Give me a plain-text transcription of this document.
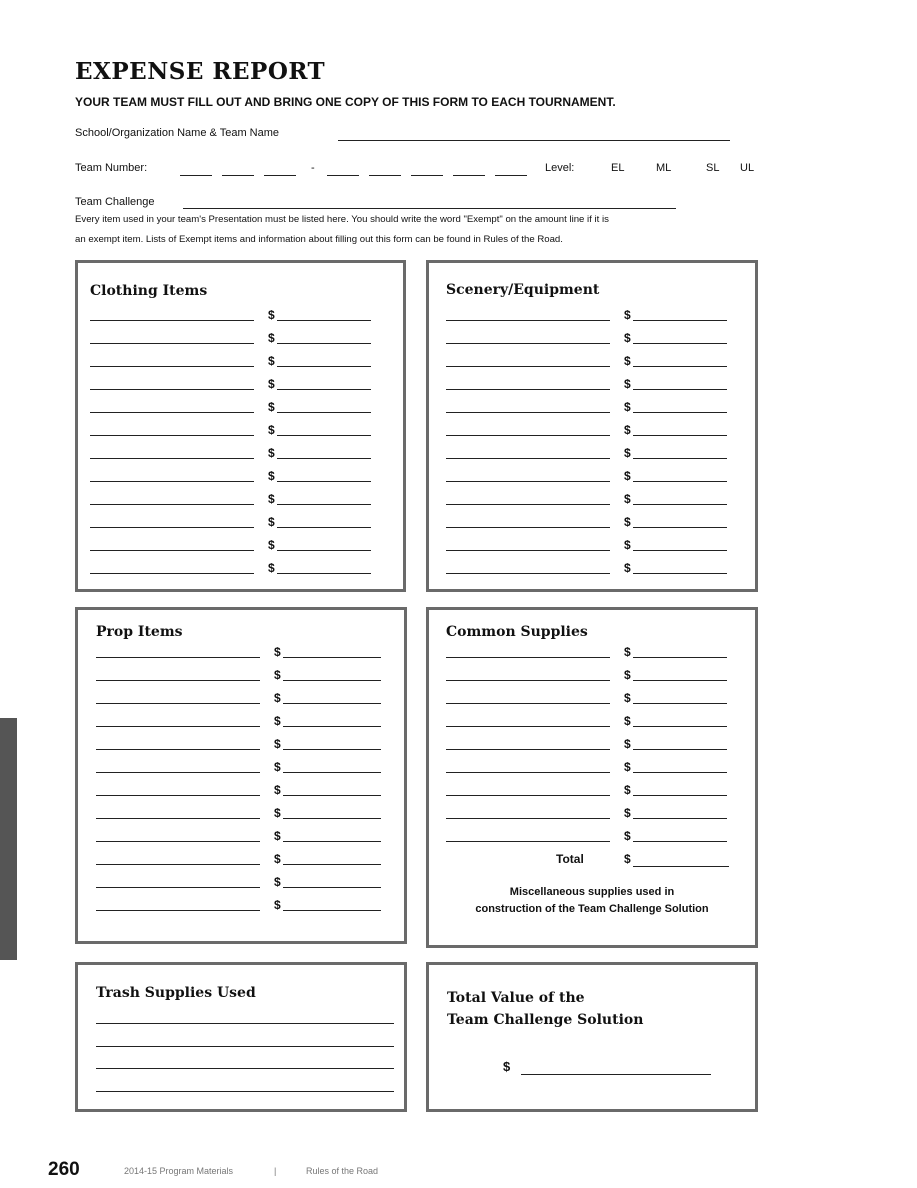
EXPENSE REPORT
YOUR TEAM MUST FILL OUT AND BRING ONE COPY OF THIS FORM TO EACH TOURNAMENT.
School/Organization Name & Team Name
Team Number:	-	Level:	EL	ML	SL UL
Team Challenge
Every item used in your team's Presentation must be listed here. You should write the word "Exempt" on the amount line if it is
an exempt item. Lists of Exempt items and information about filling out this form can be found in Rules of the Road.
Clothing Items
$
$
$
$
$
$
$
$
$
$
$
$
Scenery/Equipment
$
$
$
$
$
$
$
$
$
$
$
$
Prop Items
$
$
$
$
$
$
$
$
$
$
$
$
Common Supplies
$
$
$
$
$
$
$
$
$
Total	$
Miscellaneous supplies used in
construction of the Team Challenge Solution
Trash Supplies Used	Total Value of the
Team Challenge Solution
$
260	2014-15 Program Materials	|	Rules of the Road
